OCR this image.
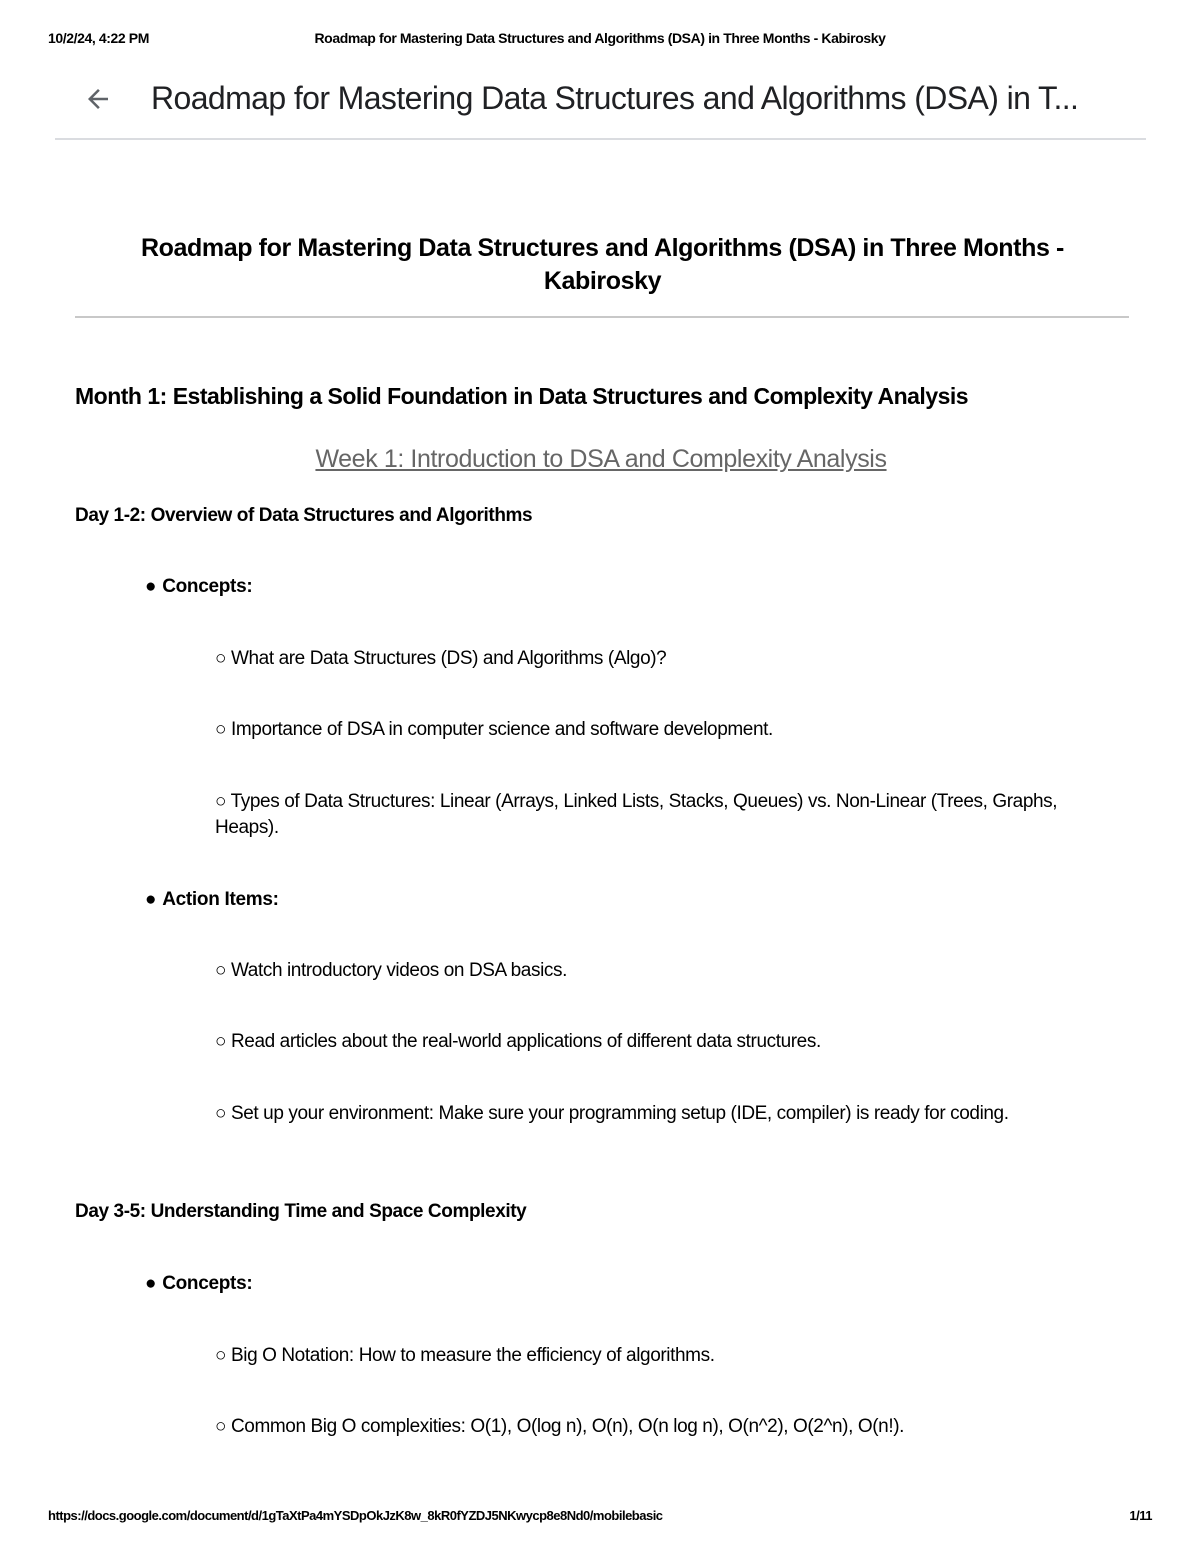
10/2/24, 4:22 PM	Roadmap for Mastering Data Structures and Algorithms (DSA) in Three Months - Kabirosky
Roadmap for Mastering Data Structures and Algorithms (DSA) in T...
Roadmap for Mastering Data Structures and Algorithms (DSA) in Three Months -
Kabirosky
Month 1: Establishing a Solid Foundation in Data Structures and Complexity Analysis
Week 1: Introduction to DSA and Complexity Analysis
Day 1-2: Overview of Data Structures and Algorithms
● Concepts:
○ What are Data Structures (DS) and Algorithms (Algo)?
○ Importance of DSA in computer science and software development.
○ Types of Data Structures: Linear (Arrays, Linked Lists, Stacks, Queues) vs. Non-Linear (Trees, Graphs, Heaps).
● Action Items:
○ Watch introductory videos on DSA basics.
○ Read articles about the real-world applications of different data structures.
○ Set up your environment: Make sure your programming setup (IDE, compiler) is ready for coding.
Day 3-5: Understanding Time and Space Complexity
● Concepts:
○ Big O Notation: How to measure the efficiency of algorithms.
○ Common Big O complexities: O(1), O(log n), O(n), O(n log n), O(n^2), O(2^n), O(n!).
https://docs.google.com/document/d/1gTaXtPa4mYSDpOkJzK8w_8kR0fYZDJ5NKwycp8e8Nd0/mobilebasic	1/11
